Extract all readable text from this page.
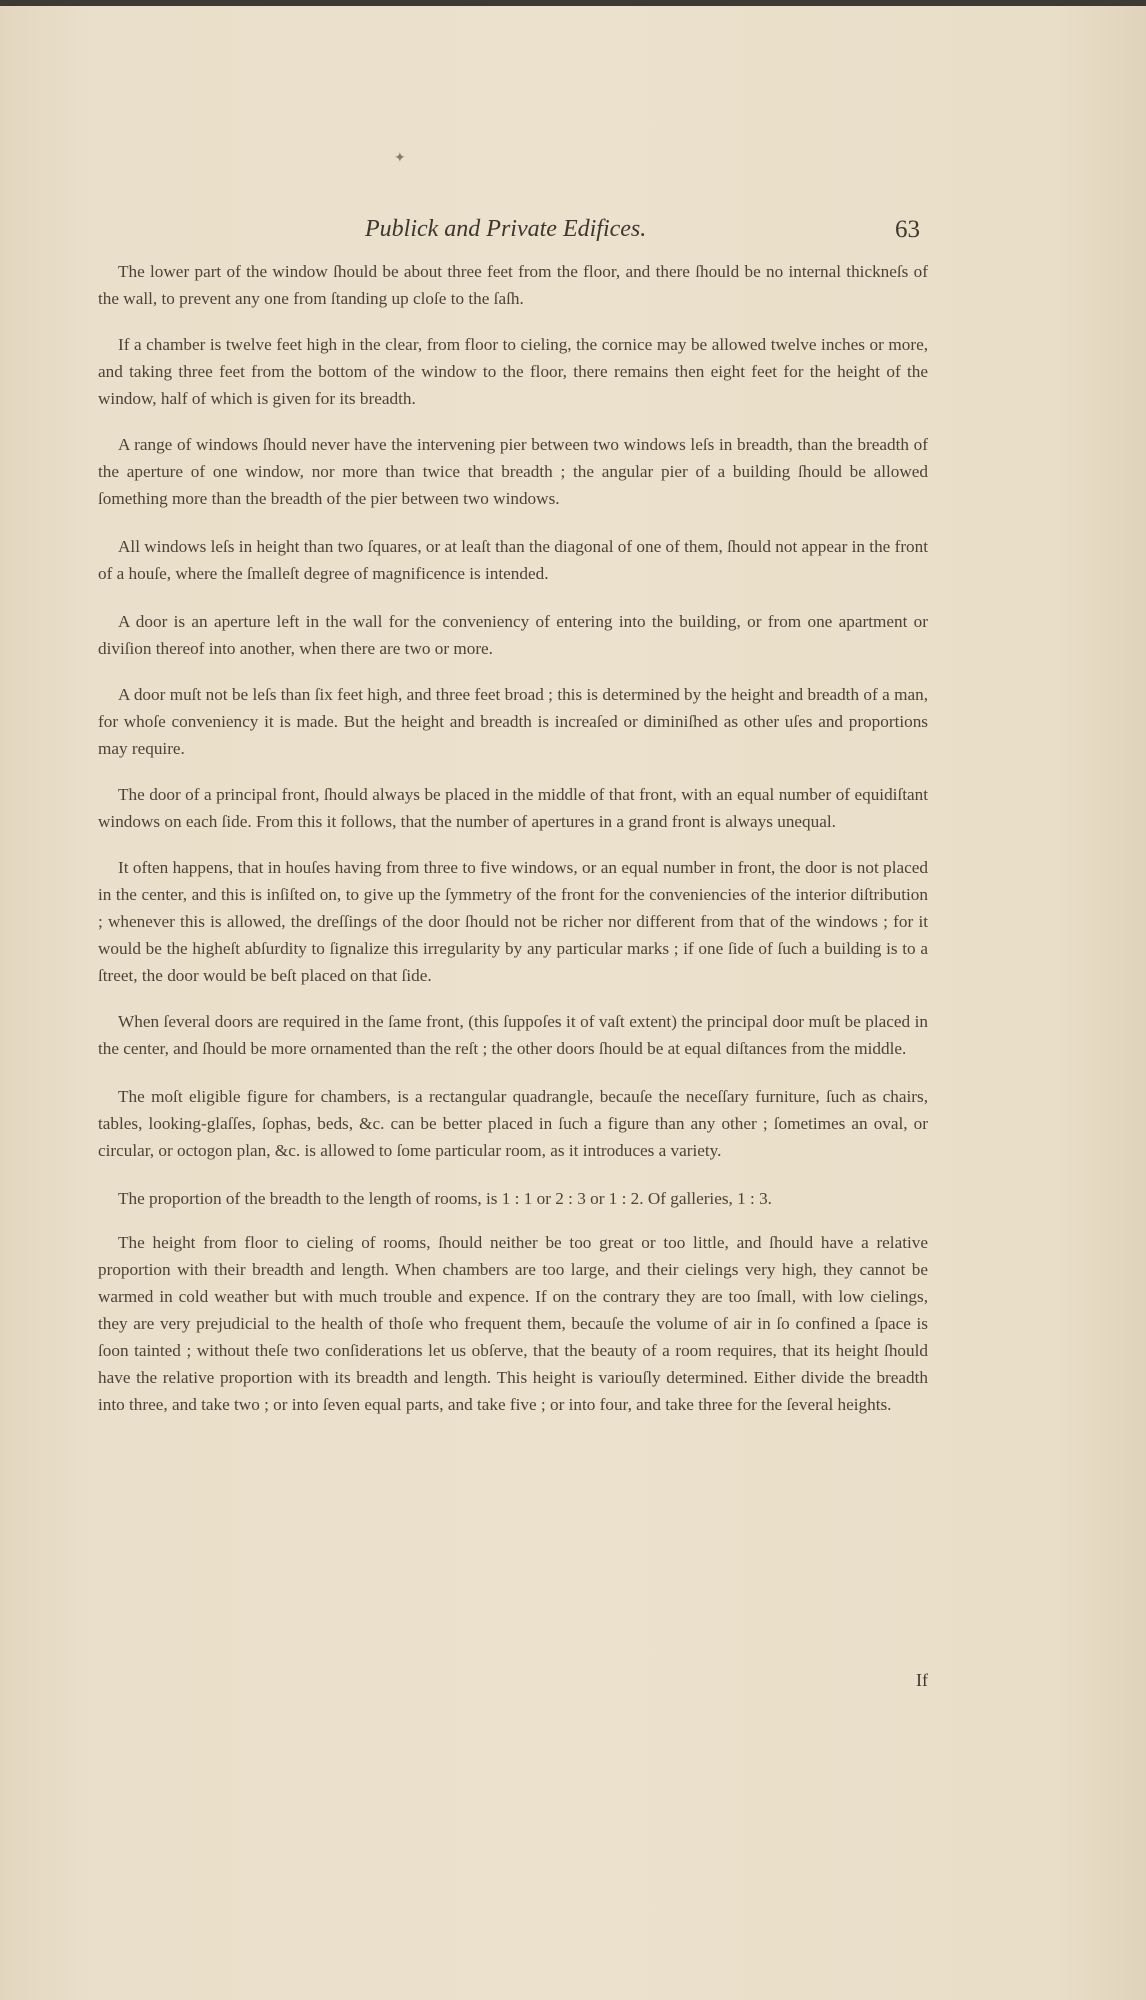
✦
Publick and Private Edifices.	63

The lower part of the window ſhould be about three feet from the floor, and there ſhould be no internal thickneſs of the wall, to prevent any one from ſtanding up cloſe to the ſaſh.

If a chamber is twelve feet high in the clear, from floor to cieling, the cornice may be allowed twelve inches or more, and taking three feet from the bottom of the window to the floor, there remains then eight feet for the height of the window, half of which is given for its breadth.

A range of windows ſhould never have the intervening pier between two windows leſs in breadth, than the breadth of the aperture of one window, nor more than twice that breadth ; the angular pier of a building ſhould be allowed ſomething more than the breadth of the pier between two windows.

All windows leſs in height than two ſquares, or at leaſt than the diagonal of one of them, ſhould not appear in the front of a houſe, where the ſmalleſt degree of magnificence is intended.

A door is an aperture left in the wall for the conveniency of entering into the building, or from one apartment or diviſion thereof into another, when there are two or more.

A door muſt not be leſs than ſix feet high, and three feet broad ; this is determined by the height and breadth of a man, for whoſe conveniency it is made. But the height and breadth is increaſed or diminiſhed as other uſes and proportions may require.

The door of a principal front, ſhould always be placed in the middle of that front, with an equal number of equidiſtant windows on each ſide. From this it follows, that the number of apertures in a grand front is always unequal.

It often happens, that in houſes having from three to five windows, or an equal number in front, the door is not placed in the center, and this is inſiſted on, to give up the ſymmetry of the front for the conveniencies of the interior diſtribution ; whenever this is allowed, the dreſſings of the door ſhould not be richer nor different from that of the windows ; for it would be the higheſt abſurdity to ſignalize this irregularity by any particular marks ; if one ſide of ſuch a building is to a ſtreet, the door would be beſt placed on that ſide.

When ſeveral doors are required in the ſame front, (this ſuppoſes it of vaſt extent) the principal door muſt be placed in the center, and ſhould be more ornamented than the reſt ; the other doors ſhould be at equal diſtances from the middle.

The moſt eligible figure for chambers, is a rectangular quadrangle, becauſe the neceſſary furniture, ſuch as chairs, tables, looking-glaſſes, ſophas, beds, &c. can be better placed in ſuch a figure than any other ; ſometimes an oval, or circular, or octogon plan, &c. is allowed to ſome particular room, as it introduces a variety.

The proportion of the breadth to the length of rooms, is 1 : 1 or 2 : 3 or 1 : 2. Of galleries, 1 : 3.

The height from floor to cieling of rooms, ſhould neither be too great or too little, and ſhould have a relative proportion with their breadth and length. When chambers are too large, and their cielings very high, they cannot be warmed in cold weather but with much trouble and expence. If on the contrary they are too ſmall, with low cielings, they are very prejudicial to the health of thoſe who frequent them, becauſe the volume of air in ſo confined a ſpace is ſoon tainted ; without theſe two conſiderations let us obſerve, that the beauty of a room requires, that its height ſhould have the relative proportion with its breadth and length. This height is variouſly determined. Either divide the breadth into three, and take two ; or into ſeven equal parts, and take five ; or into four, and take three for the ſeveral heights.

If
